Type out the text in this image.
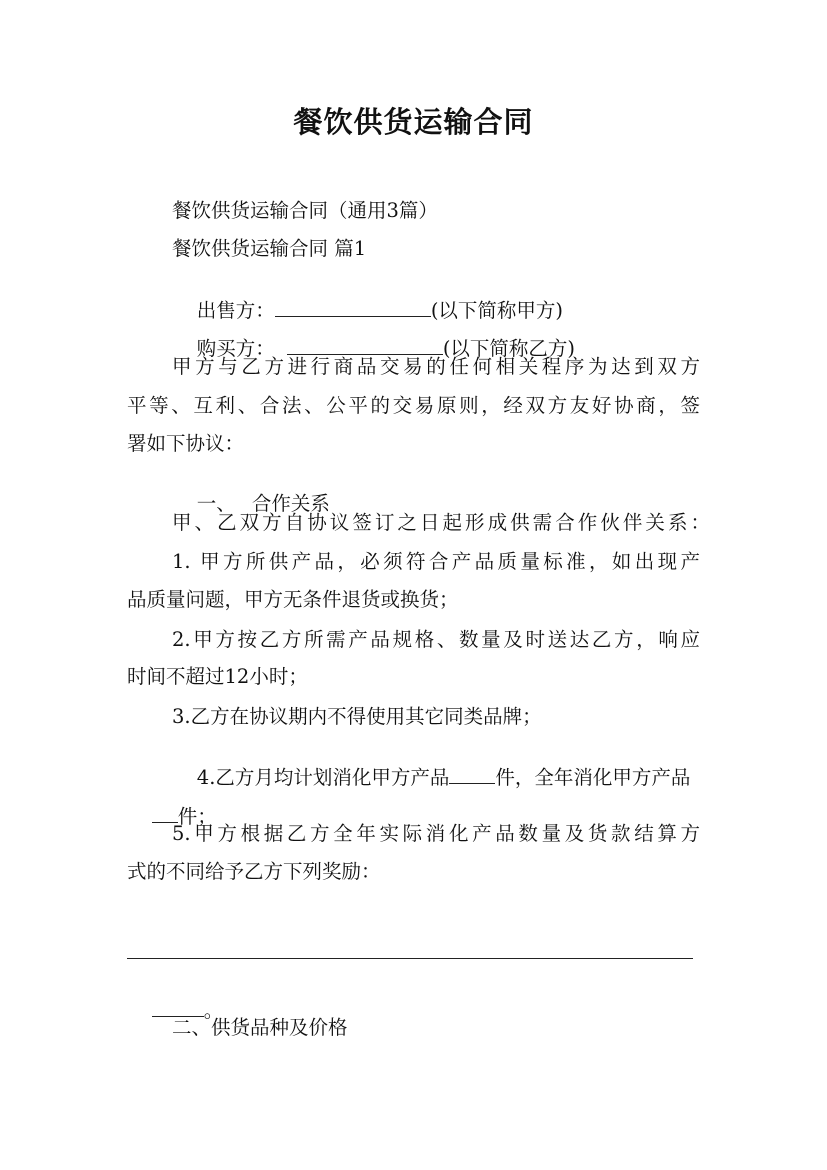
餐饮供货运输合同
餐饮供货运输合同（通用3篇）
餐饮供货运输合同 篇1

出售方：	(以下简称甲方)

购买方：	(以下简称乙方)

甲方与乙方进行商品交易的任何相关程序为达到双方
平等、互利、合法、公平的交易原则，经双方友好协商，签
署如下协议：

一、 合作关系

甲、乙双方自协议签订之日起形成供需合作伙伴关系：
1. 甲方所供产品，必须符合产品质量标准，如出现产
品质量问题，甲方无条件退货或换货；
2.甲方按乙方所需产品规格、数量及时送达乙方，响应
时间不超过12小时；
3.乙方在协议期内不得使用其它同类品牌；

4.乙方月均计划消化甲方产品 件，全年消化甲方产品

件；

5.甲方根据乙方全年实际消化产品数量及货款结算方
式的不同给予乙方下列奖励：

。

二、供货品种及价格
